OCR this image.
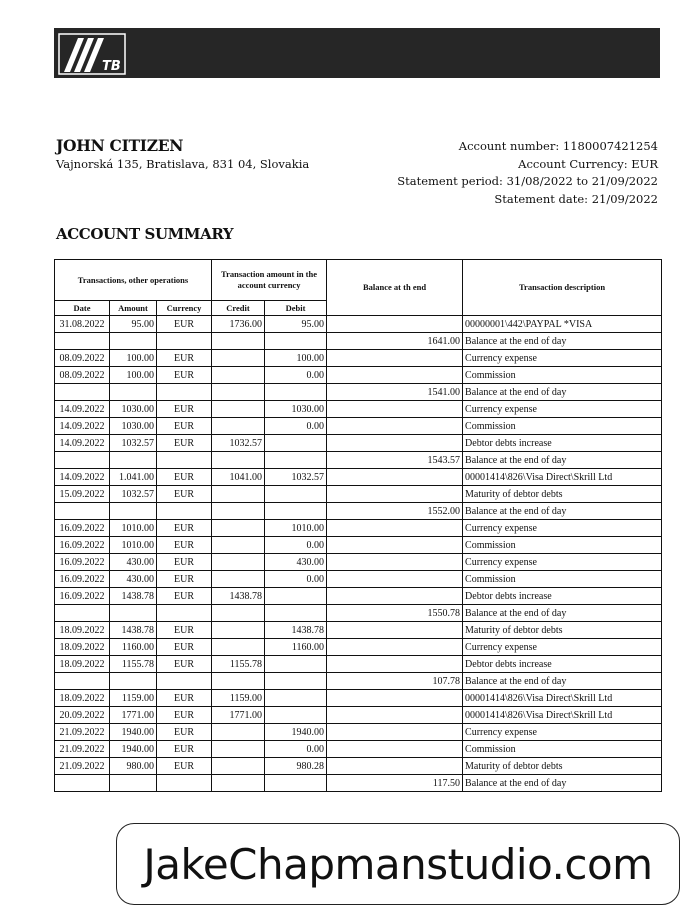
TB
JOHN CITIZEN
Vajnorská 135, Bratislava, 831 04, Slovakia
Account number: 1180007421254
Account Currency: EUR
Statement period: 31/08/2022 to 21/09/2022
Statement date: 21/09/2022
ACCOUNT SUMMARY
Transactions, other operations			Transaction amount in the account currency		Balance at th end	Transaction description
Date	Amount	Currency	Credit	Debit		
31.08.2022	95.00	EUR	1736.00	95.00		00000001\442\PAYPAL *VISA
					1641.00	Balance at the end of day
08.09.2022	100.00	EUR		100.00		Currency expense
08.09.2022	100.00	EUR		0.00		Commission
					1541.00	Balance at the end of day
14.09.2022	1030.00	EUR		1030.00		Currency expense
14.09.2022	1030.00	EUR		0.00		Commission
14.09.2022	1032.57	EUR	1032.57			Debtor debts increase
					1543.57	Balance at the end of day
14.09.2022	1.041.00	EUR	1041.00	1032.57		00001414\826\Visa Direct\Skrill Ltd
15.09.2022	1032.57	EUR				Maturity of debtor debts
					1552.00	Balance at the end of day
16.09.2022	1010.00	EUR		1010.00		Currency expense
16.09.2022	1010.00	EUR		0.00		Commission
16.09.2022	430.00	EUR		430.00		Currency expense
16.09.2022	430.00	EUR		0.00		Commission
16.09.2022	1438.78	EUR	1438.78			Debtor debts increase
					1550.78	Balance at the end of day
18.09.2022	1438.78	EUR		1438.78		Maturity of debtor debts
18.09.2022	1160.00	EUR		1160.00		Currency expense
18.09.2022	1155.78	EUR	1155.78			Debtor debts increase
					107.78	Balance at the end of day
18.09.2022	1159.00	EUR	1159.00			00001414\826\Visa Direct\Skrill Ltd
20.09.2022	1771.00	EUR	1771.00			00001414\826\Visa Direct\Skrill Ltd
21.09.2022	1940.00	EUR		1940.00		Currency expense
21.09.2022	1940.00	EUR		0.00		Commission
21.09.2022	980.00	EUR		980.28		Maturity of debtor debts
					117.50	Balance at the end of day
JakeChapmanstudio.com
